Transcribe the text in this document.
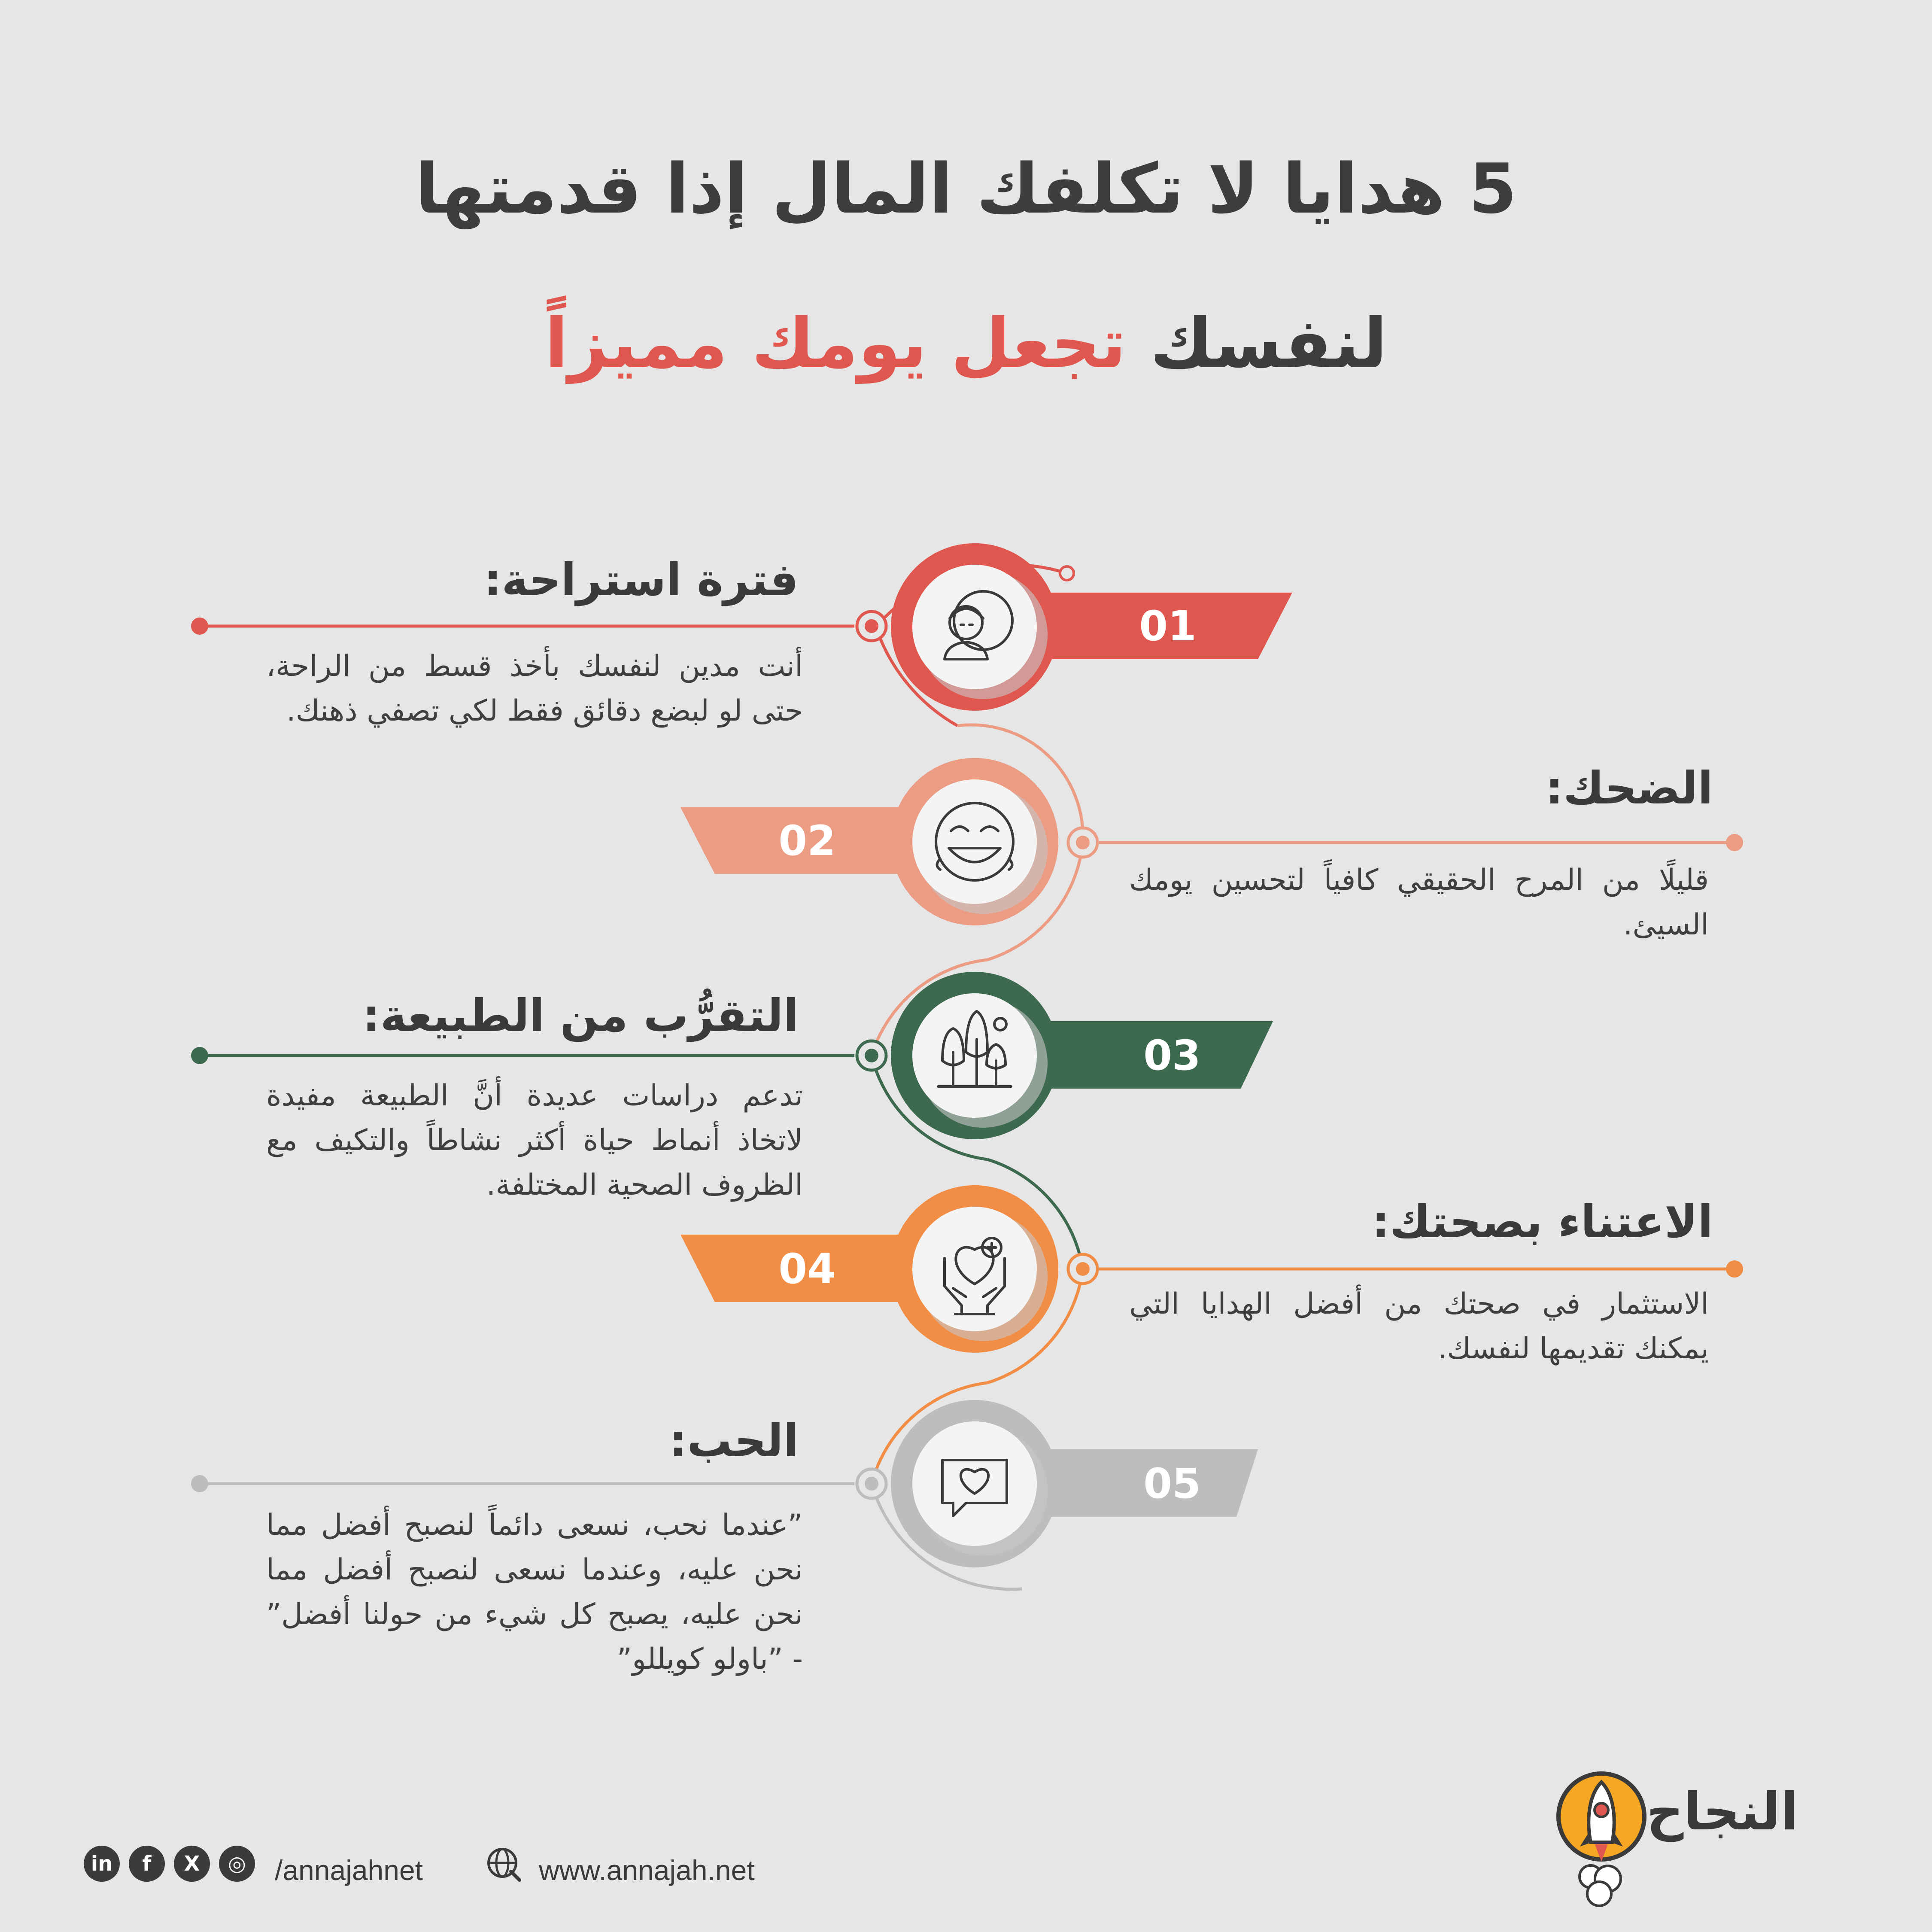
5 هدايا لا تكلفك المال إذا قدمتها
لنفسك تجعل يومك مميزاً
01
فترة استراحة:
أنت مدين لنفسك بأخذ قسط من الراحة، حتى لو لبضع دقائق فقط لكي تصفي ذهنك.
02
الضحك:
قليلًا من المرح الحقيقي كافياً لتحسين يومك السيئ.
03
التقرُّب من الطبيعة:
تدعم دراسات عديدة أنَّ الطبيعة مفيدة لاتخاذ أنماط حياة أكثر نشاطاً والتكيف مع الظروف الصحية المختلفة.
04
الاعتناء بصحتك:
الاستثمار في صحتك من أفضل الهدايا التي يمكنك تقديمها لنفسك.
05
الحب:
”عندما نحب، نسعى دائماً لنصبح أفضل مما نحن عليه، وعندما نسعى لنصبح أفضل مما نحن عليه، يصبح كل شيء من حولنا أفضل” - ”باولو كويللو”
in	f	X	◎	/annajahnet	www.annajah.net
النجاح
